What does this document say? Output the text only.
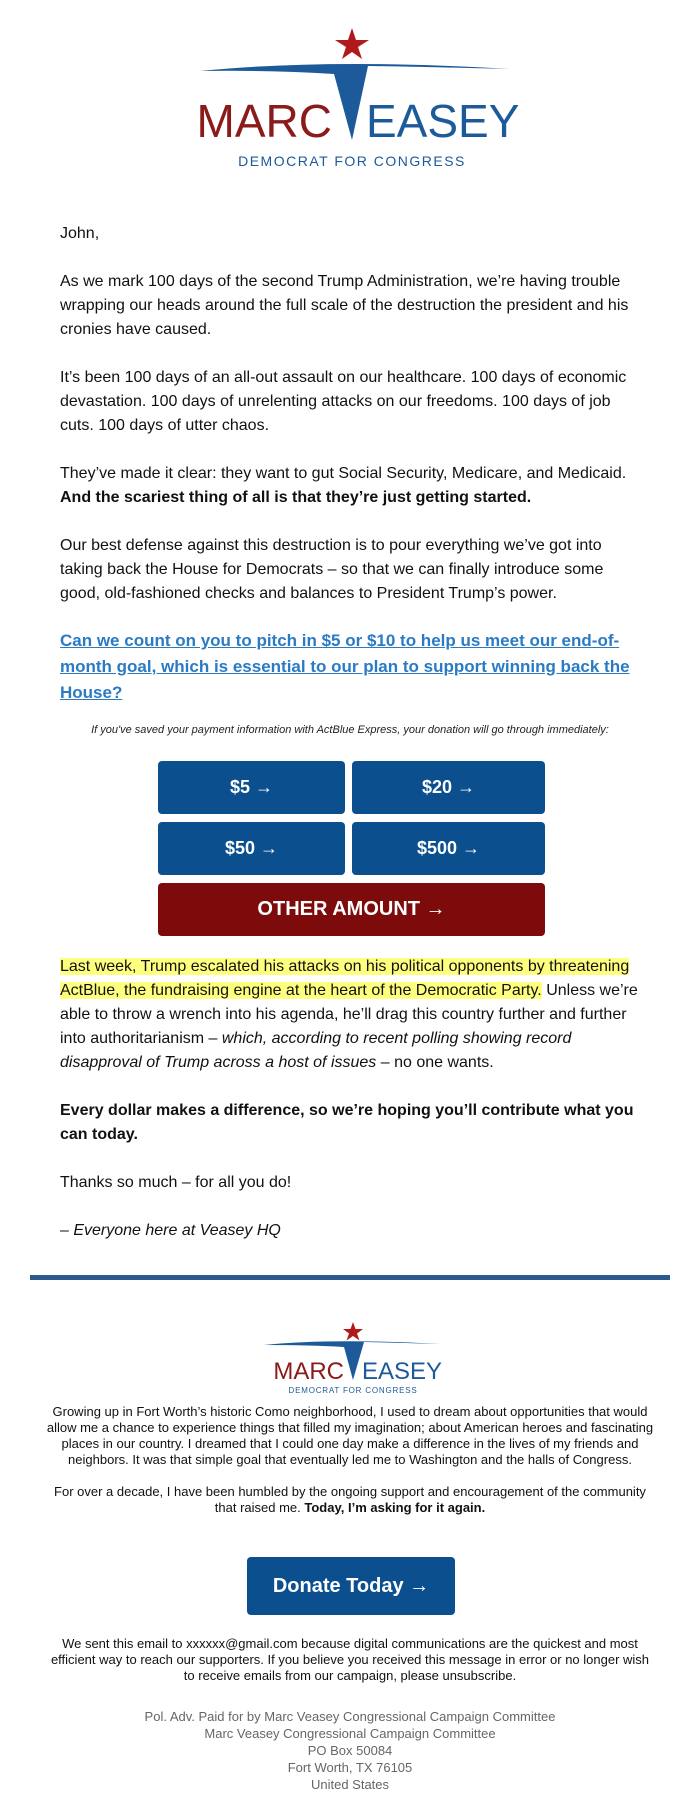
MARC EASEY
DEMOCRAT FOR CONGRESS

John,

As we mark 100 days of the second Trump Administration, we’re having trouble wrapping our heads around the full scale of the destruction the president and his cronies have caused.

It’s been 100 days of an all-out assault on our healthcare. 100 days of economic devastation. 100 days of unrelenting attacks on our freedoms. 100 days of job cuts. 100 days of utter chaos.

They’ve made it clear: they want to gut Social Security, Medicare, and Medicaid. And the scariest thing of all is that they’re just getting started.

Our best defense against this destruction is to pour everything we’ve got into taking back the House for Democrats – so that we can finally introduce some good, old-fashioned checks and balances to President Trump’s power.

Can we count on you to pitch in $5 or $10 to help us meet our end-of-month goal, which is essential to our plan to support winning back the House?

If you've saved your payment information with ActBlue Express, your donation will go through immediately:
$5 →	$20 →
$50 →	$500 →
OTHER AMOUNT →

Last week, Trump escalated his attacks on his political opponents by threatening ActBlue, the fundraising engine at the heart of the Democratic Party. Unless we’re able to throw a wrench into his agenda, he’ll drag this country further and further into authoritarianism – which, according to recent polling showing record disapproval of Trump across a host of issues – no one wants.

Every dollar makes a difference, so we’re hoping you’ll contribute what you can today.

Thanks so much – for all you do!

– Everyone here at Veasey HQ

MARC EASEY
DEMOCRAT FOR CONGRESS

Growing up in Fort Worth’s historic Como neighborhood, I used to dream about opportunities that would allow me a chance to experience things that filled my imagination; about American heroes and fascinating places in our country. I dreamed that I could one day make a difference in the lives of my friends and neighbors. It was that simple goal that eventually led me to Washington and the halls of Congress.

For over a decade, I have been humbled by the ongoing support and encouragement of the community that raised me. Today, I’m asking for it again.

Donate Today →
We sent this email to xxxxxx@gmail.com because digital communications are the quickest and most efficient way to reach our supporters. If you believe you received this message in error or no longer wish to receive emails from our campaign, please unsubscribe.
Pol. Adv. Paid for by Marc Veasey Congressional Campaign Committee
Marc Veasey Congressional Campaign Committee
PO Box 50084
Fort Worth, TX 76105
United States
